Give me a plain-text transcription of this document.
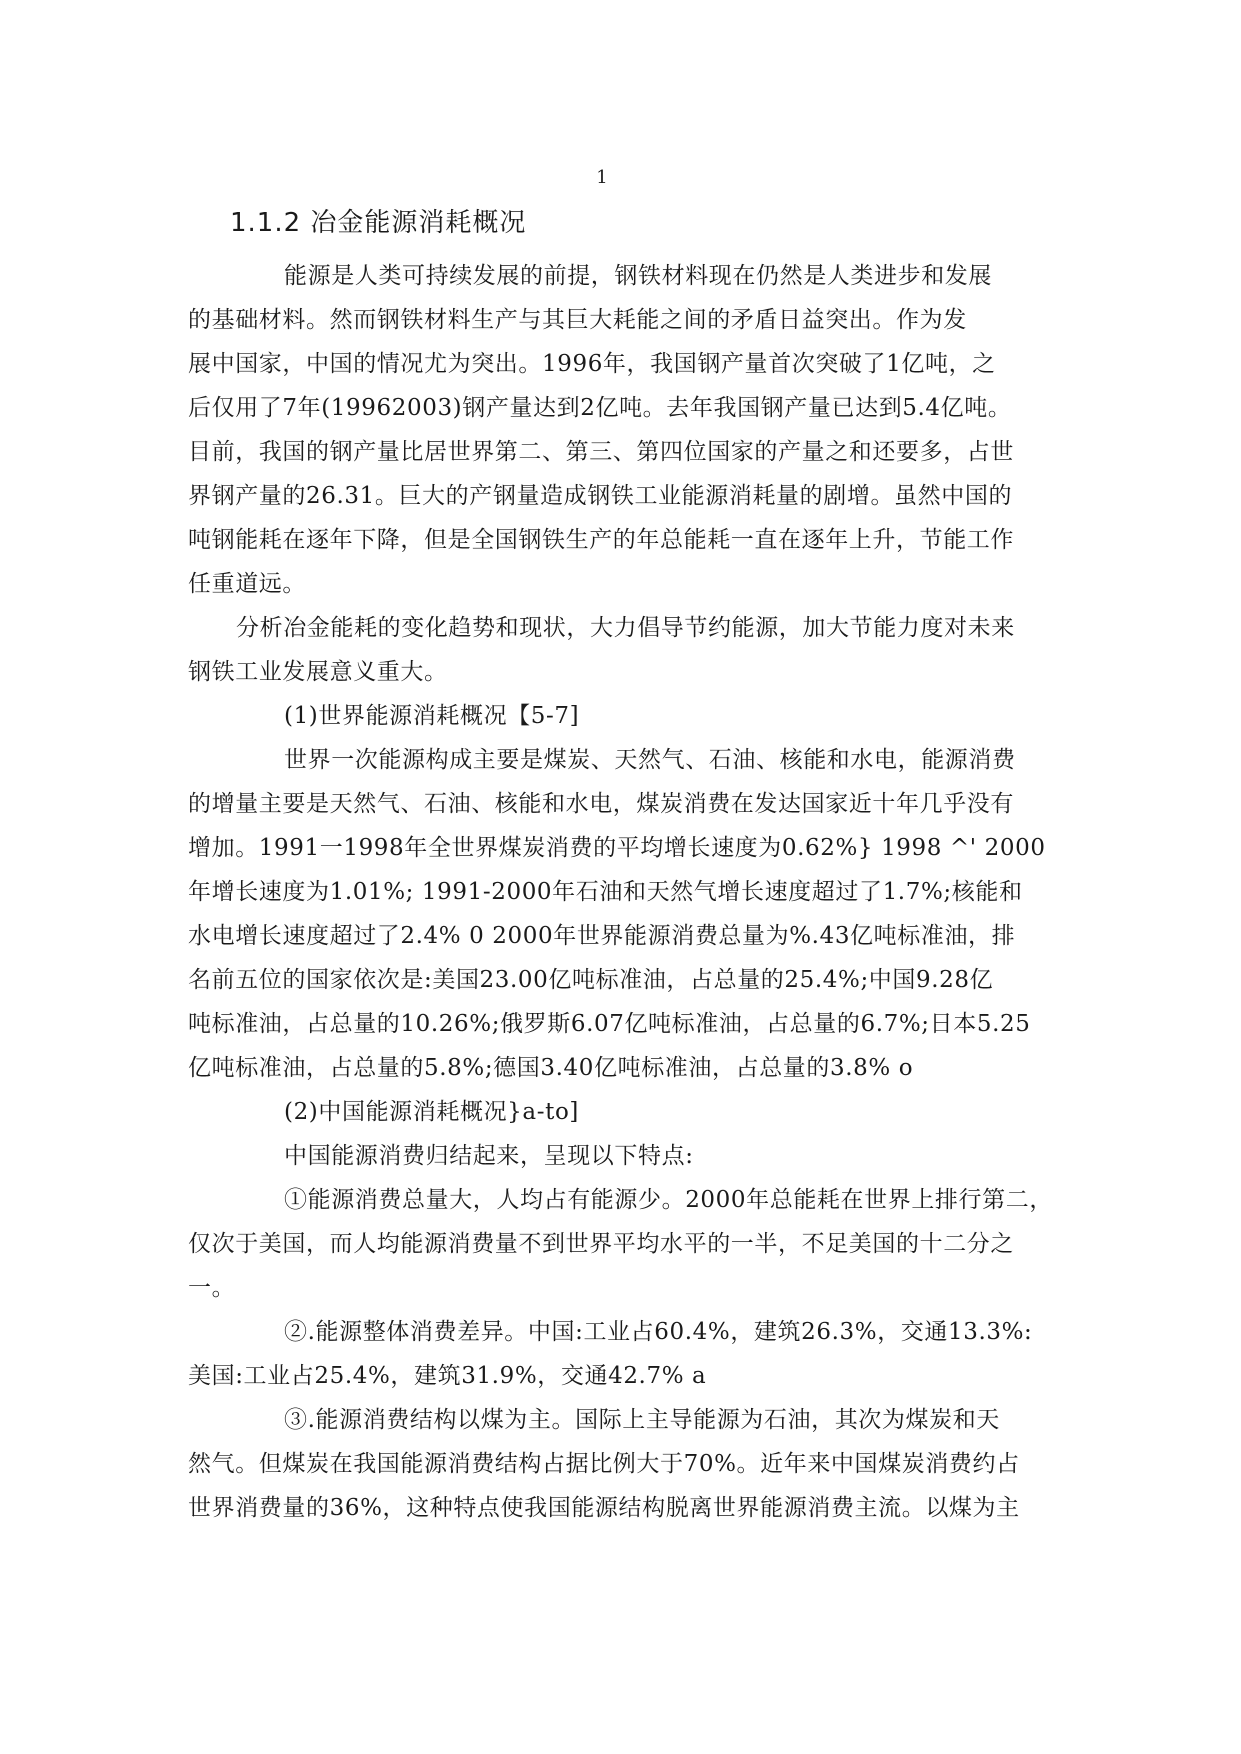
1
1.1.2 冶金能源消耗概况
能源是人类可持续发展的前提，钢铁材料现在仍然是人类进步和发展
的基础材料。然而钢铁材料生产与其巨大耗能之间的矛盾日益突出。作为发
展中国家，中国的情况尤为突出。1996年，我国钢产量首次突破了1亿吨，之
后仅用了7年(19962003)钢产量达到2亿吨。去年我国钢产量已达到5.4亿吨。
目前，我国的钢产量比居世界第二、第三、第四位国家的产量之和还要多，占世
界钢产量的26.31。巨大的产钢量造成钢铁工业能源消耗量的剧增。虽然中国的
吨钢能耗在逐年下降，但是全国钢铁生产的年总能耗一直在逐年上升，节能工作
任重道远。
分析冶金能耗的变化趋势和现状，大力倡导节约能源，加大节能力度对未来
钢铁工业发展意义重大。
(1)世界能源消耗概况【5-7]
世界一次能源构成主要是煤炭、天然气、石油、核能和水电，能源消费
的增量主要是天然气、石油、核能和水电，煤炭消费在发达国家近十年几乎没有
增加。1991一1998年全世界煤炭消费的平均增长速度为0.62%} 1998 ^' 2000
年增长速度为1.01%; 1991-2000年石油和天然气增长速度超过了1.7%;核能和
水电增长速度超过了2.4% 0 2000年世界能源消费总量为%.43亿吨标准油，排
名前五位的国家依次是:美国23.00亿吨标准油，占总量的25.4%;中国9.28亿
吨标准油，占总量的10.26%;俄罗斯6.07亿吨标准油，占总量的6.7%;日本5.25
亿吨标准油，占总量的5.8%;德国3.40亿吨标准油，占总量的3.8% o
(2)中国能源消耗概况}a-to]
中国能源消费归结起来，呈现以下特点:
①能源消费总量大，人均占有能源少。2000年总能耗在世界上排行第二，
仅次于美国，而人均能源消费量不到世界平均水平的一半，不足美国的十二分之
一。
②.能源整体消费差异。中国:工业占60.4%，建筑26.3%，交通13.3%:
美国:工业占25.4%，建筑31.9%，交通42.7% a
③.能源消费结构以煤为主。国际上主导能源为石油，其次为煤炭和天
然气。但煤炭在我国能源消费结构占据比例大于70%。近年来中国煤炭消费约占
世界消费量的36%，这种特点使我国能源结构脱离世界能源消费主流。以煤为主
